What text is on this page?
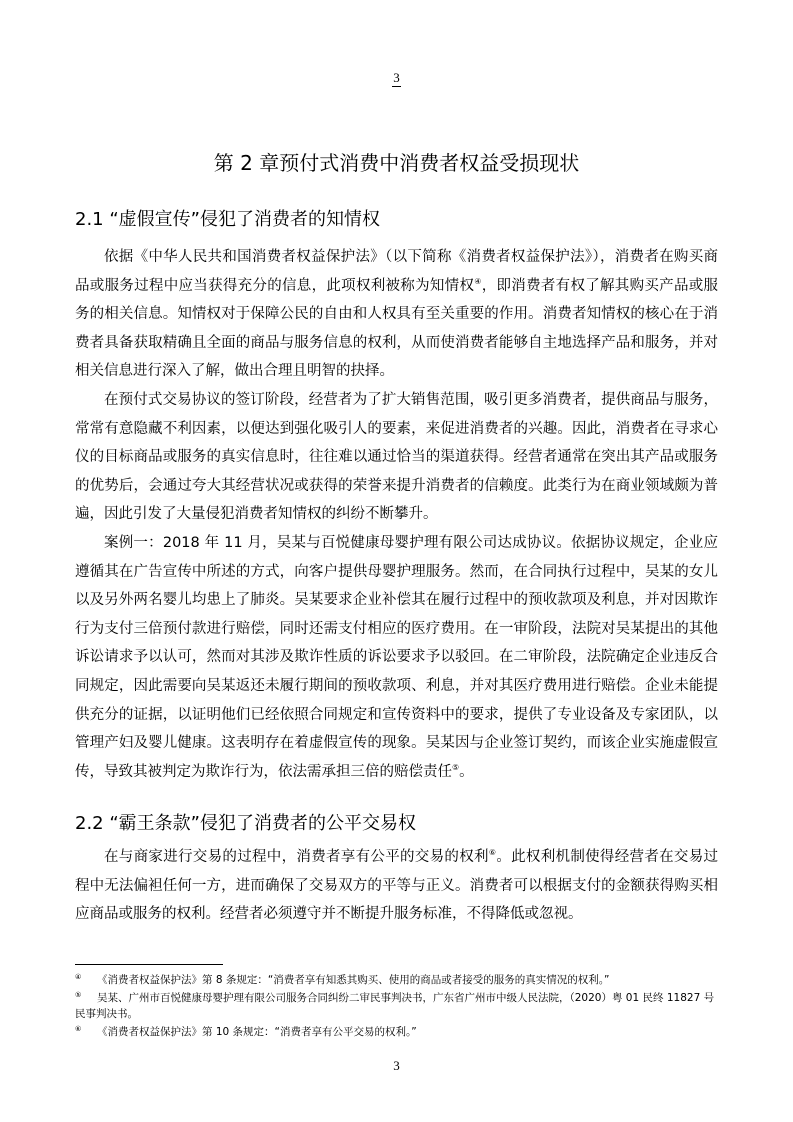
3
第 2 章预付式消费中消费者权益受损现状
2.1 “虚假宣传”侵犯了消费者的知情权

依据《中华人民共和国消费者权益保护法》（以下简称《消费者权益保护法》），消费者在购买商品或服务过程中应当获得充分的信息，此项权利被称为知情权④，即消费者有权了解其购买产品或服务的相关信息。知情权对于保障公民的自由和人权具有至关重要的作用。消费者知情权的核心在于消费者具备获取精确且全面的商品与服务信息的权利，从而使消费者能够自主地选择产品和服务，并对相关信息进行深入了解，做出合理且明智的抉择。

在预付式交易协议的签订阶段，经营者为了扩大销售范围，吸引更多消费者，提供商品与服务，常常有意隐藏不利因素，以便达到强化吸引人的要素，来促进消费者的兴趣。因此，消费者在寻求心仪的目标商品或服务的真实信息时，往往难以通过恰当的渠道获得。经营者通常在突出其产品或服务的优势后，会通过夸大其经营状况或获得的荣誉来提升消费者的信赖度。此类行为在商业领域颇为普遍，因此引发了大量侵犯消费者知情权的纠纷不断攀升。

案例一：2018 年 11 月，吴某与百悦健康母婴护理有限公司达成协议。依据协议规定，企业应遵循其在广告宣传中所述的方式，向客户提供母婴护理服务。然而，在合同执行过程中，吴某的女儿以及另外两名婴儿均患上了肺炎。吴某要求企业补偿其在履行过程中的预收款项及利息，并对因欺诈行为支付三倍预付款进行赔偿，同时还需支付相应的医疗费用。在一审阶段，法院对吴某提出的其他诉讼请求予以认可，然而对其涉及欺诈性质的诉讼要求予以驳回。在二审阶段，法院确定企业违反合同规定，因此需要向吴某返还未履行期间的预收款项、利息，并对其医疗费用进行赔偿。企业未能提供充分的证据，以证明他们已经依照合同规定和宣传资料中的要求，提供了专业设备及专家团队，以管理产妇及婴儿健康。这表明存在着虚假宣传的现象。吴某因与企业签订契约，而该企业实施虚假宣传，导致其被判定为欺诈行为，依法需承担三倍的赔偿责任⑤。

2.2 “霸王条款”侵犯了消费者的公平交易权

在与商家进行交易的过程中，消费者享有公平的交易的权利⑥。此权利机制使得经营者在交易过程中无法偏袒任何一方，进而确保了交易双方的平等与正义。消费者可以根据支付的金额获得购买相应商品或服务的权利。经营者必须遵守并不断提升服务标准，不得降低或忽视。

④ 《消费者权益保护法》第 8 条规定：“消费者享有知悉其购买、使用的商品或者接受的服务的真实情况的权利。”
⑤ 吴某、广州市百悦健康母婴护理有限公司服务合同纠纷二审民事判决书，广东省广州市中级人民法院，（2020）粤 01 民终 11827 号民事判决书。
⑥ 《消费者权益保护法》第 10 条规定：“消费者享有公平交易的权利。”
3
